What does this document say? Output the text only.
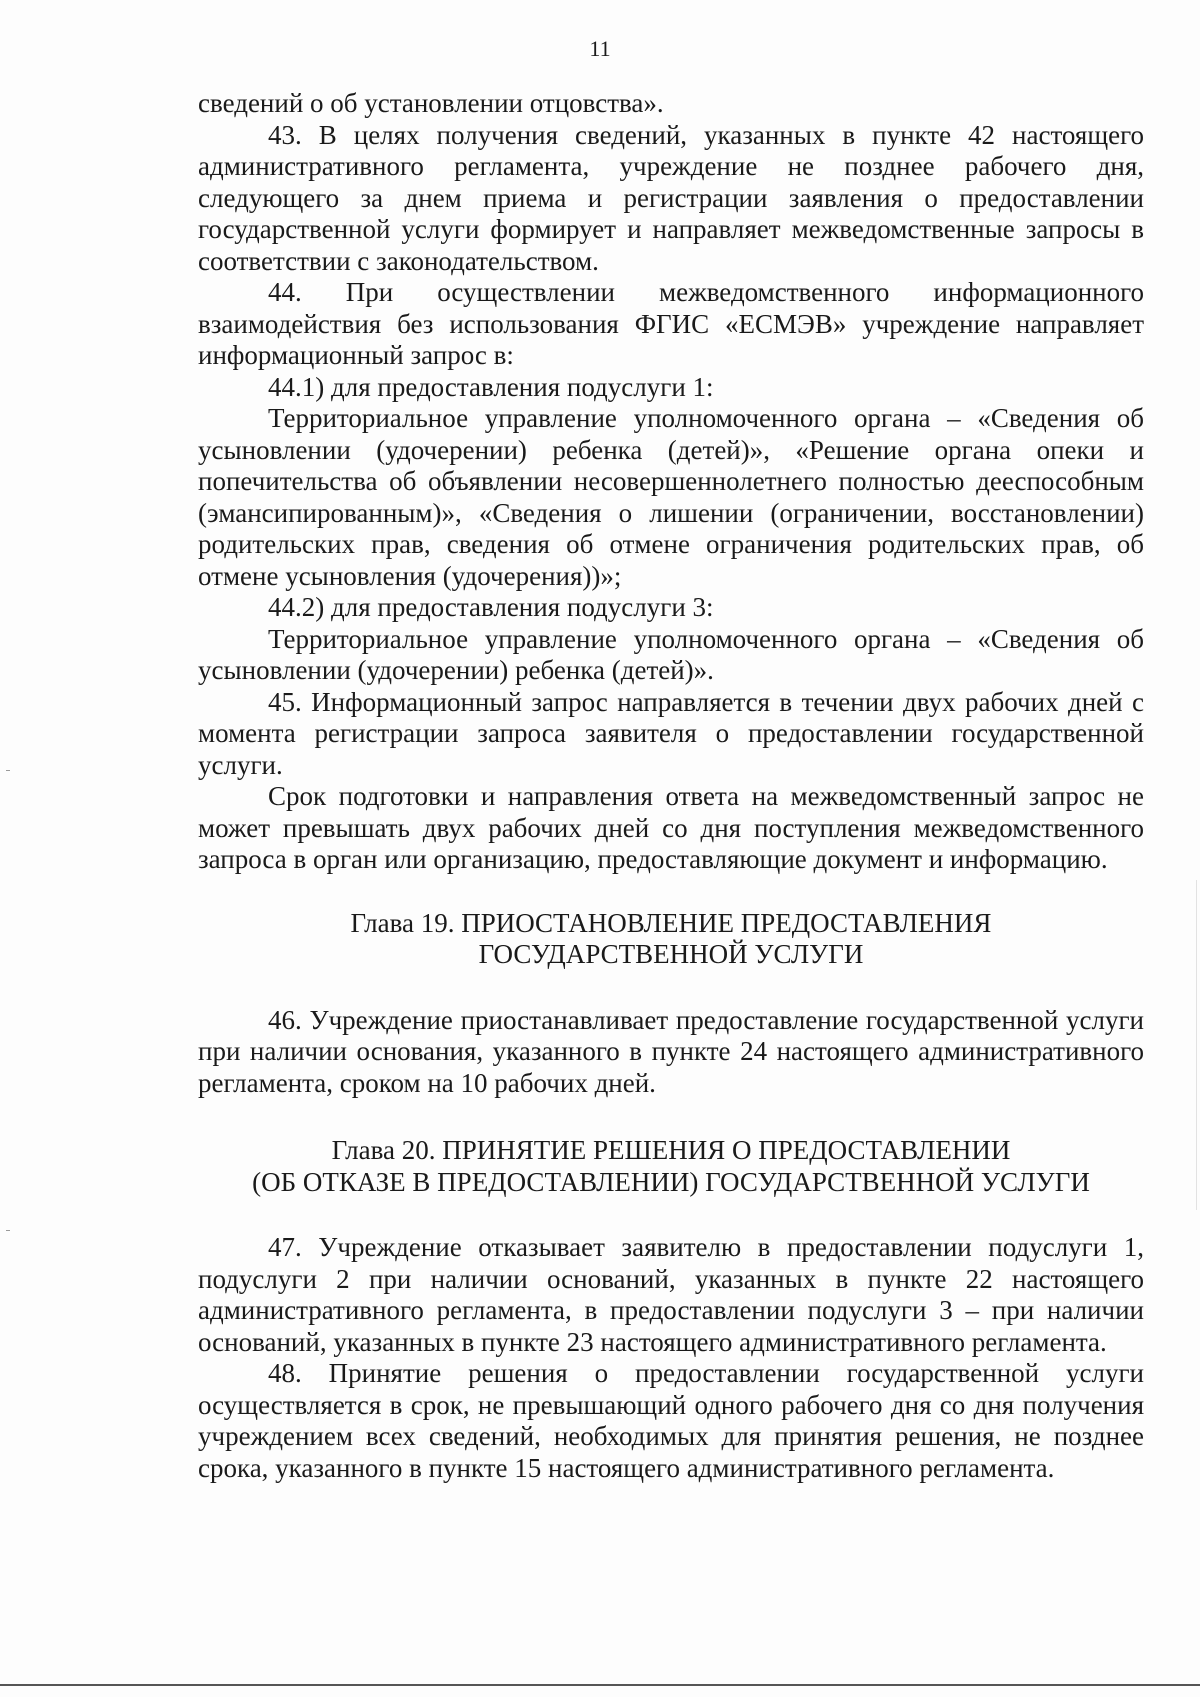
11

сведений о об установлении отцовства».

43. В целях получения сведений, указанных в пункте 42 настоящего административного регламента, учреждение не позднее рабочего дня, следующего за днем приема и регистрации заявления о предоставлении государственной услуги формирует и направляет межведомственные запросы в соответствии с законодательством.

44. При осуществлении межведомственного информационного взаимодействия без использования ФГИС «ЕСМЭВ» учреждение направляет информационный запрос в:

44.1) для предоставления подуслуги 1:

Территориальное управление уполномоченного органа – «Сведения об усыновлении (удочерении) ребенка (детей)», «Решение органа опеки и попечительства об объявлении несовершеннолетнего полностью дееспособным (эмансипированным)», «Сведения о лишении (ограничении, восстановлении) родительских прав, сведения об отмене ограничения родительских прав, об отмене усыновления (удочерения))»;

44.2) для предоставления подуслуги 3:

Территориальное управление уполномоченного органа – «Сведения об усыновлении (удочерении) ребенка (детей)».

45. Информационный запрос направляется в течении двух рабочих дней с момента регистрации запроса заявителя о предоставлении государственной услуги.

Срок подготовки и направления ответа на межведомственный запрос не может превышать двух рабочих дней со дня поступления межведомственного запроса в орган или организацию, предоставляющие документ и информацию.

Глава 19. ПРИОСТАНОВЛЕНИЕ ПРЕДОСТАВЛЕНИЯ
ГОСУДАРСТВЕННОЙ УСЛУГИ

46. Учреждение приостанавливает предоставление государственной услуги при наличии основания, указанного в пункте 24 настоящего административного регламента, сроком на 10 рабочих дней.

Глава 20. ПРИНЯТИЕ РЕШЕНИЯ О ПРЕДОСТАВЛЕНИИ
(ОБ ОТКАЗЕ В ПРЕДОСТАВЛЕНИИ) ГОСУДАРСТВЕННОЙ УСЛУГИ

47. Учреждение отказывает заявителю в предоставлении подуслуги 1, подуслуги 2 при наличии оснований, указанных в пункте 22 настоящего административного регламента, в предоставлении подуслуги 3 – при наличии оснований, указанных в пункте 23 настоящего административного регламента.

48. Принятие решения о предоставлении государственной услуги осуществляется в срок, не превышающий одного рабочего дня со дня получения учреждением всех сведений, необходимых для принятия решения, не позднее срока, указанного в пункте 15 настоящего административного регламента.
